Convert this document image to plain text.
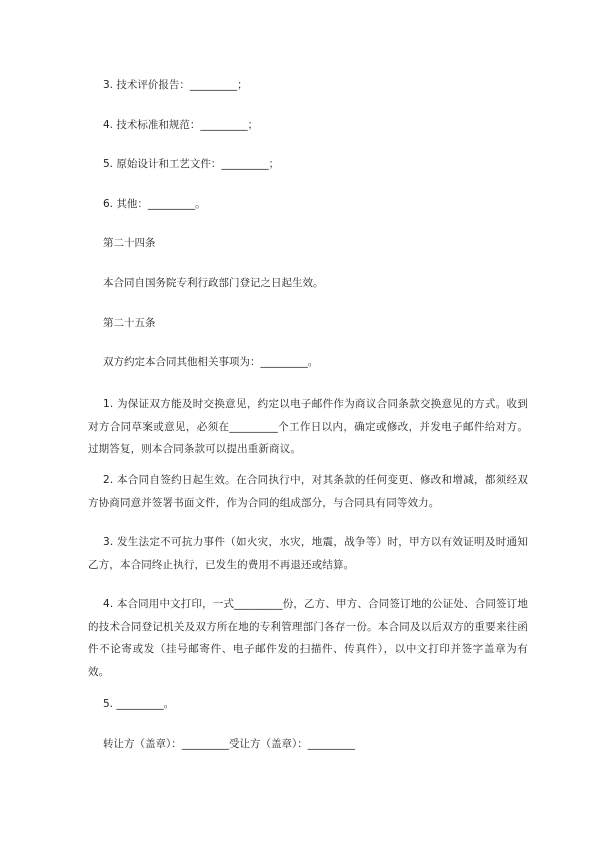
3. 技术评价报告：_________；
4. 技术标准和规范：_________；
5. 原始设计和工艺文件：_________；
6. 其他：_________。
第二十四条
本合同自国务院专利行政部门登记之日起生效。
第二十五条
双方约定本合同其他相关事项为：_________。
1. 为保证双方能及时交换意见，约定以电子邮件作为商议合同条款交换意见的方式。收到对方合同草案或意见，必须在_________个工作日以内，确定或修改，并发电子邮件给对方。过期答复，则本合同条款可以提出重新商议。
2. 本合同自签约日起生效。在合同执行中，对其条款的任何变更、修改和增减，都须经双方协商同意并签署书面文件，作为合同的组成部分，与合同具有同等效力。
3. 发生法定不可抗力事件（如火灾，水灾，地震，战争等）时，甲方以有效证明及时通知乙方，本合同终止执行，已发生的费用不再退还或结算。
4. 本合同用中文打印，一式_________份，乙方、甲方、合同签订地的公证处、合同签订地的技术合同登记机关及双方所在地的专利管理部门各存一份。本合同及以后双方的重要来往函件不论寄或发（挂号邮寄件、电子邮件发的扫描件、传真件），以中文打印并签字盖章为有效。
5. _________。
转让方（盖章）：_________受让方（盖章）：_________
